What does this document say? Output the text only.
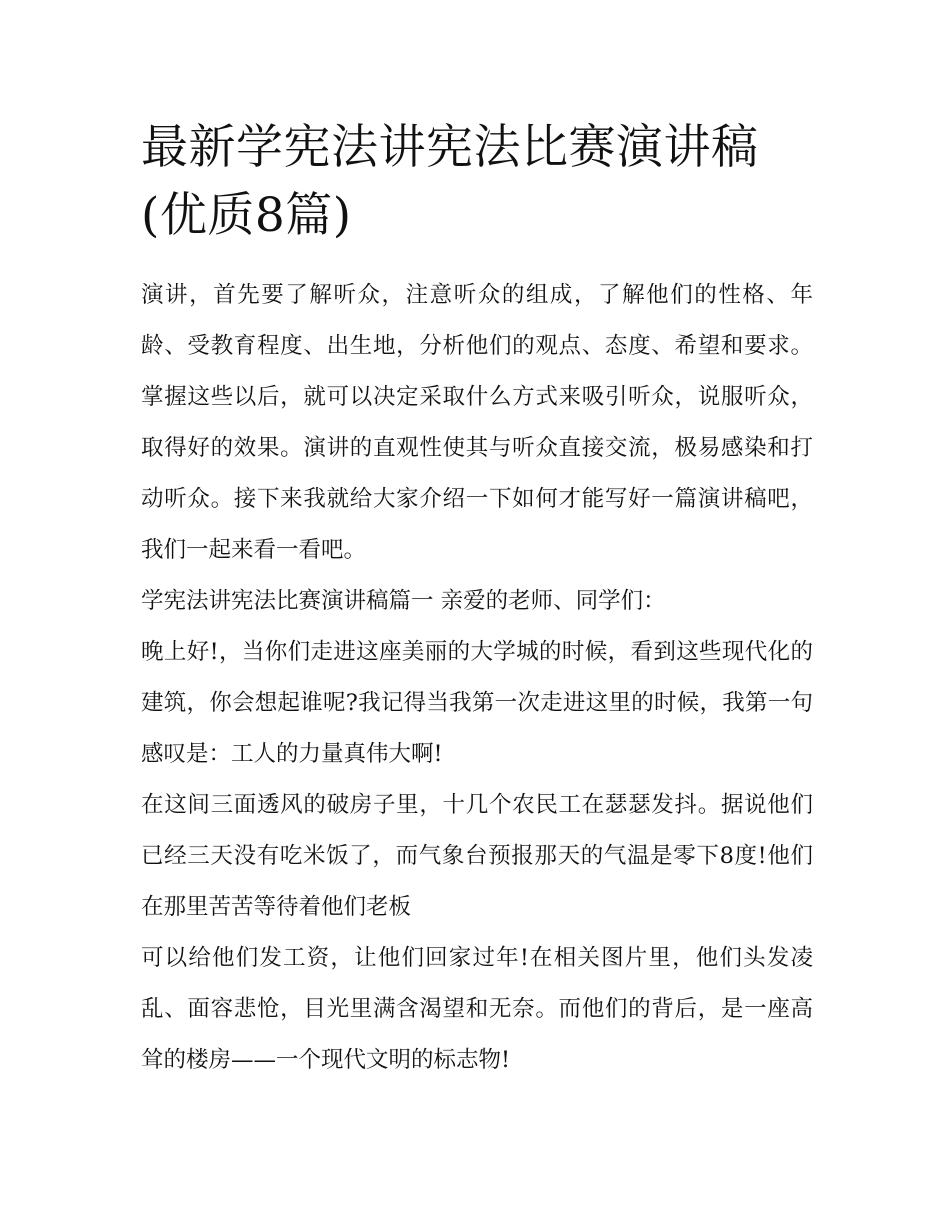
最新学宪法讲宪法比赛演讲稿(优质8篇)

演讲，首先要了解听众，注意听众的组成，了解他们的性格、年龄、受教育程度、出生地，分析他们的观点、态度、希望和要求。掌握这些以后，就可以决定采取什么方式来吸引听众，说服听众，取得好的效果。演讲的直观性使其与听众直接交流，极易感染和打动听众。接下来我就给大家介绍一下如何才能写好一篇演讲稿吧，我们一起来看一看吧。

学宪法讲宪法比赛演讲稿篇一 亲爱的老师、同学们：

晚上好!，当你们走进这座美丽的大学城的时候，看到这些现代化的建筑，你会想起谁呢?我记得当我第一次走进这里的时候，我第一句感叹是：工人的力量真伟大啊!

在这间三面透风的破房子里，十几个农民工在瑟瑟发抖。据说他们已经三天没有吃米饭了，而气象台预报那天的气温是零下8度!他们在那里苦苦等待着他们老板

可以给他们发工资，让他们回家过年!在相关图片里，他们头发凌乱、面容悲怆，目光里满含渴望和无奈。而他们的背后，是一座高耸的楼房——一个现代文明的标志物!
